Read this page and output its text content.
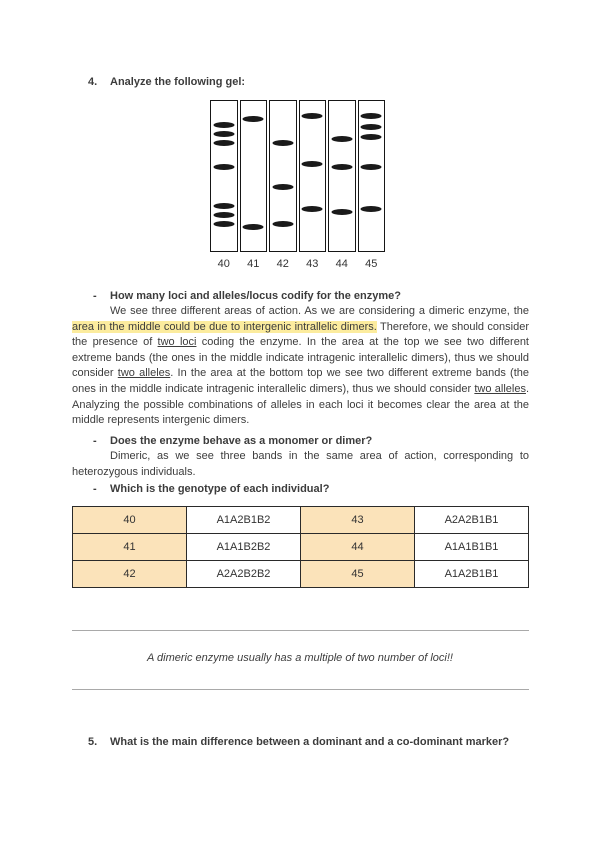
4.	Analyze the following gel:
40	41	42	43	44	45
-	How many loci and alleles/locus codify for the enzyme?
We see three different areas of action. As we are considering a dimeric enzyme, the area in the middle could be due to intergenic intrallelic dimers. Therefore, we should consider the presence of two loci coding the enzyme. In the area at the top we see two different extreme bands (the ones in the middle indicate intragenic interallelic dimers), thus we should consider two alleles. In the area at the bottom top we see two different extreme bands (the ones in the middle indicate intragenic interallelic dimers), thus we should consider two alleles. Analyzing the possible combinations of alleles in each loci it becomes clear the area at the middle represents intergenic dimers.
-	Does the enzyme behave as a monomer or dimer?
Dimeric, as we see three bands in the same area of action, corresponding to heterozygous individuals.
-	Which is the genotype of each individual?
40	A1A2B1B2	43	A2A2B1B1
41	A1A1B2B2	44	A1A1B1B1
42	A2A2B2B2	45	A1A2B1B1
A dimeric enzyme usually has a multiple of two number of loci!!
5.	What is the main difference between a dominant and a co-dominant marker?
